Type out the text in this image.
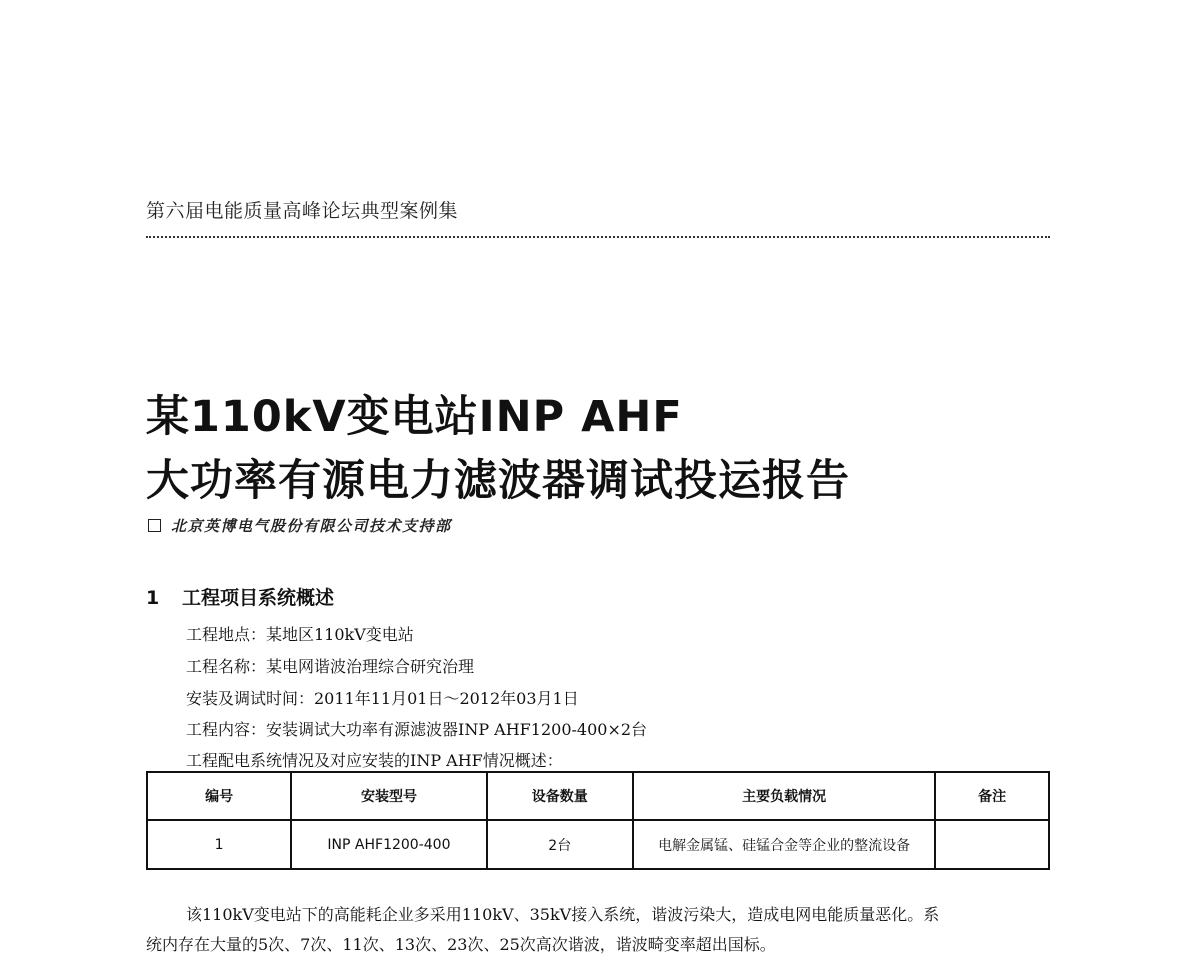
第六届电能质量高峰论坛典型案例集
某110kV变电站INP AHF
大功率有源电力滤波器调试投运报告
北京英博电气股份有限公司技术支持部
1 工程项目系统概述
工程地点：某地区110kV变电站
工程名称：某电网谐波治理综合研究治理
安装及调试时间：2011年11月01日～2012年03月1日
工程内容：安装调试大功率有源滤波器INP AHF1200-400×2台
工程配电系统情况及对应安装的INP AHF情况概述：
编号	安装型号	设备数量	主要负载情况	备注
1	INP AHF1200-400	2台	电解金属锰、硅锰合金等企业的整流设备	
该110kV变电站下的高能耗企业多采用110kV、35kV接入系统，谐波污染大，造成电网电能质量恶化。系
统内存在大量的5次、7次、11次、13次、23次、25次高次谐波，谐波畸变率超出国标。
